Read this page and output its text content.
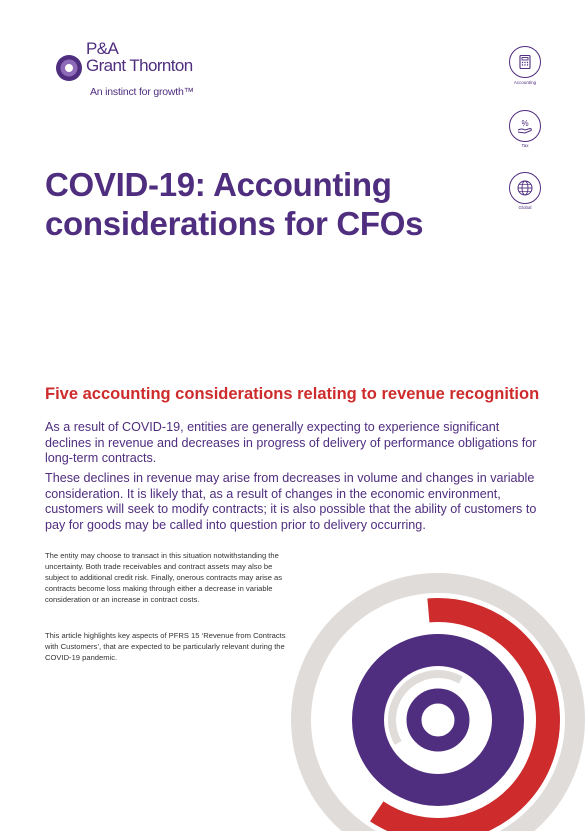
P&A
Grant Thornton
An instinct for growth™
Accounting
%
Tax
Global
COVID-19: Accounting considerations for CFOs
Five accounting considerations relating to revenue recognition

As a result of COVID-19, entities are generally expecting to experience significant declines in revenue and decreases in progress of delivery of performance obligations for long-term contracts.

These declines in revenue may arise from decreases in volume and changes in variable consideration. It is likely that, as a result of changes in the economic environment, customers will seek to modify contracts; it is also possible that the ability of customers to pay for goods may be called into question prior to delivery occurring.

The entity may choose to transact in this situation notwithstanding the uncertainty. Both trade receivables and contract assets may also be subject to additional credit risk. Finally, onerous contracts may arise as contracts become loss making through either a decrease in variable consideration or an increase in contract costs.

This article highlights key aspects of PFRS 15 ‘Revenue from Contracts with Customers’, that are expected to be particularly relevant during the COVID-19 pandemic.
